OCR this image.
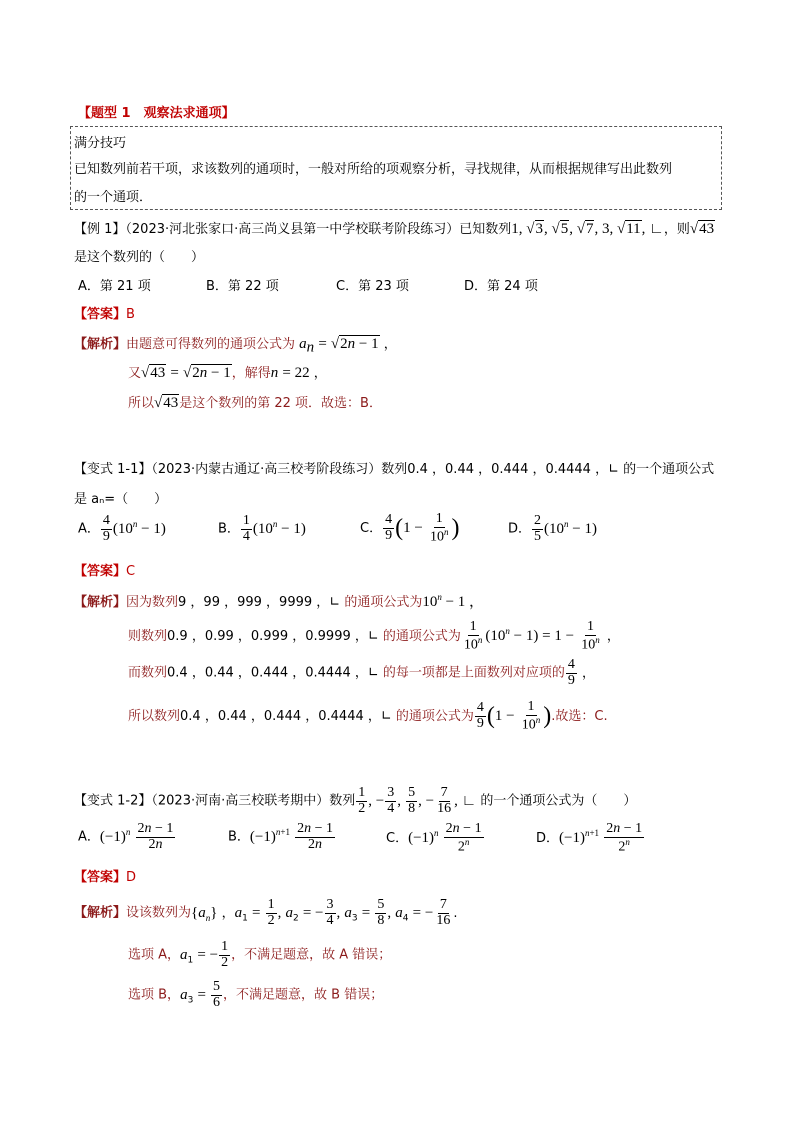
【题型 1　观察法求通项】
满分技巧
已知数列前若干项，求该数列的通项时，一般对所给的项观察分析，寻找规律，从而根据规律写出此数列
的一个通项．
【例 1】（2023·河北张家口·高三尚义县第一中学校联考阶段练习）已知数列1, √3, √5, √7, 3, √11, ∟，则√43
是这个数列的（　　）
A．第 21 项	B．第 22 项	C．第 23 项	D．第 24 项
【答案】B
【解析】由题意可得数列的通项公式为 $a_n = √2n - 1$ ，
又√43 = √2n − 1，解得n = 22 ，
所以√43是这个数列的第 22 项．故选：B．
【变式 1-1】（2023·内蒙古通辽·高三校考阶段练习）数列0.4 ，0.44 ，0.444 ，0.4444 ，∟ 的一个通项公式
是 aₙ=（　　）
A． $\frac{4}{9} (10^n - 1)$	B． $\frac{1}{4} (10^n - 1)$	C． $\frac{4}{9} (1 - \frac{1}{10^n}$ )	D． $\frac{2}{5} (10^n - 1)$
【答案】C
【解析】因为数列9 ，99 ，999 ，9999 ，∟ 的通项公式为$10^n - 1$ ，
则数列0.9 ，0.99 ，0.999 ，0.9999 ，∟ 的通项公式为 $\frac{1}{10^n} (10^n - 1) = 1 - \frac{1}{10^n}$ ，
而数列0.4 ，0.44 ，0.444 ，0.4444 ，∟ 的每一项都是上面数列对应项的 $\frac{4}{9}$ ，
所以数列0.4 ，0.44 ，0.444 ，0.4444 ，∟ 的通项公式为 $\frac{4}{9} (1 - \frac{1}{10^n}$ ).故选：C.
【变式 1-2】（2023·河南·高三校联考期中）数列 $\frac{1}{2}$ , − $\frac{3}{4}$ , $\frac{5}{8}$ , − $\frac{7}{16}$ , ∟ 的一个通项公式为（　　）
A．$(-1)^n \frac{2n - 1}{2n}$	B．$(-1)^{n+1} \frac{2n - 1}{2n}$	C．$(-1)^n \frac{2n - 1}{2^n}$	D．$(-1)^{n+1} \frac{2n - 1}{2^n}$
【答案】D
【解析】设该数列为$\{a_n\}$ ，$a_1 = \frac{1}{2}$ , $a_2$ = − $\frac{3}{4}$ , $a_3 = \frac{5}{8}$ , $a_4$ = − $\frac{7}{16}$ .
选项 A，$a_1$ = − $\frac{1}{2}$ ，不满足题意，故 A 错误；
选项 B，$a_3 = \frac{5}{6}$ ，不满足题意，故 B 错误；
